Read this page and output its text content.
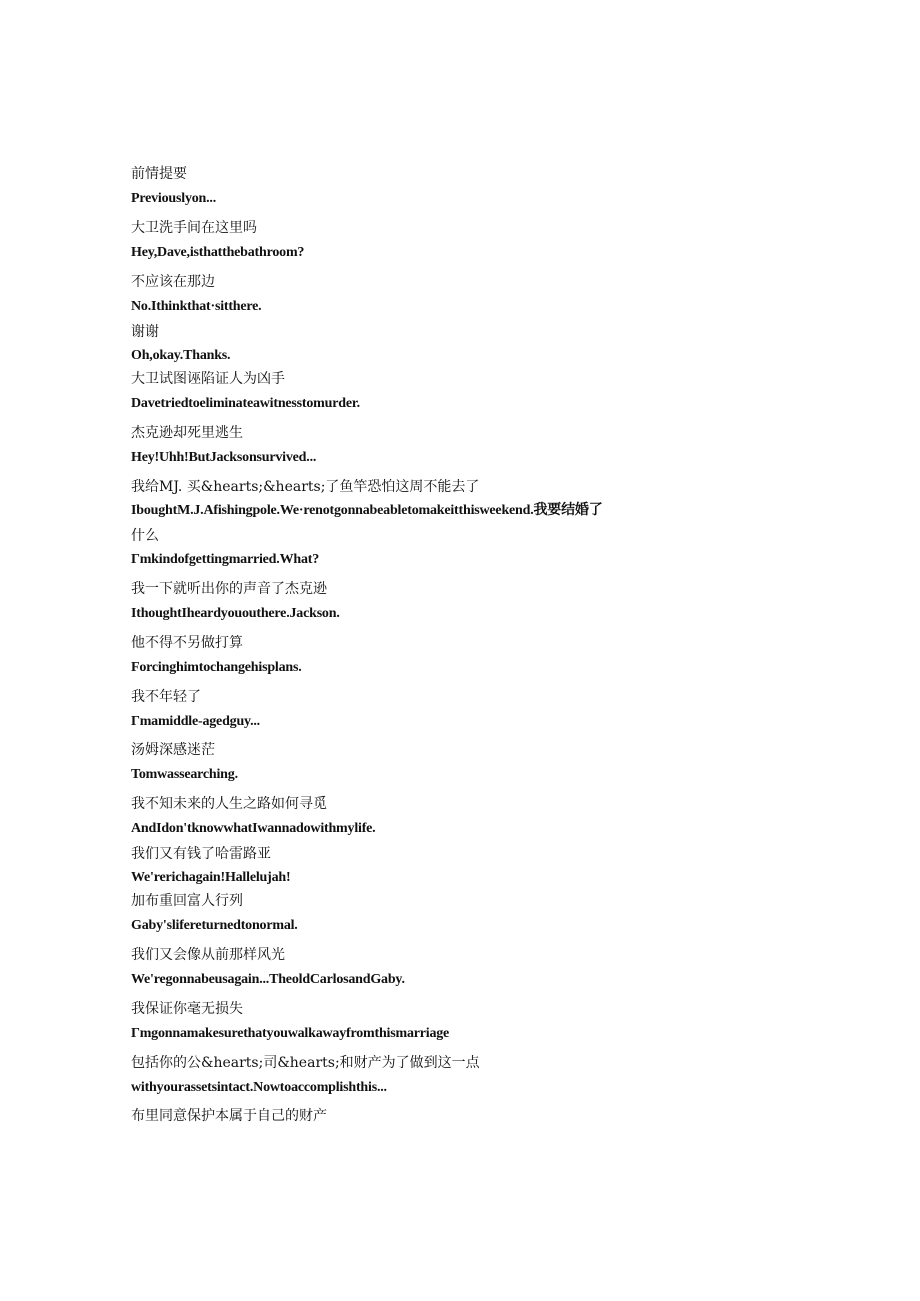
前情提要
Previouslyon...
大卫洗手间在这里吗
Hey,Dave,isthatthebathroom?
不应该在那边
No.Ithinkthat·sitthere.
谢谢
Oh,okay.Thanks.
大卫试图诬陷证人为凶手
Davetriedtoeliminateawitnesstomurder.
杰克逊却死里逃生
Hey!Uhh!ButJacksonsurvived...
我给MJ. 买&hearts;&hearts;了鱼竿恐怕这周不能去了
IboughtM.J.Afishingpole.We·renotgonnabeabletomakeitthisweekend.我要结婚了
什么
Γmkindofgettingmarried.What?
我一下就听出你的声音了杰克逊
IthoughtIheardyououthere.Jackson.
他不得不另做打算
Forcinghimtochangehisplans.
我不年轻了
Γmamiddle-agedguy...
汤姆深感迷茫
Tomwassearching.
我不知未来的人生之路如何寻觅
AndIdon'tknowwhatIwannadowithmylife.
我们又有钱了哈雷路亚
We'rerichagain!Hallelujah!
加布重回富人行列
Gaby'slifereturnedtonormal.
我们又会像从前那样风光
We'regonnabeusagain...TheoldCarlosandGaby.
我保证你毫无损失
Γmgonnamakesurethatyouwalkawayfromthismarriage
包括你的公&hearts;司&hearts;和财产为了做到这一点
withyourassetsintact.Nowtoaccomplishthis...
布里同意保护本属于自己的财产
